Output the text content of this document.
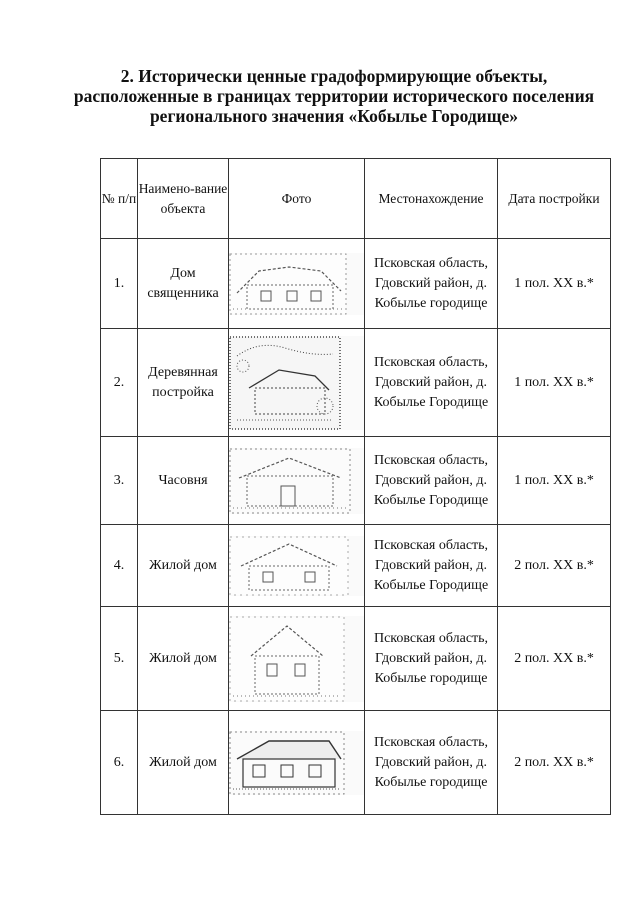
2. Исторически ценные градоформирующие объекты,
расположенные в границах территории исторического поселения
регионального значения «Кобылье Городище»
№ п/п	Наимено-вание объекта	Фото	Местонахождение	Дата постройки
1.	Дом священника		Псковская область, Гдовский район, д. Кобылье городище	1 пол. XX в.*
2.	Деревянная постройка		Псковская область, Гдовский район, д. Кобылье Городище	1 пол. XX в.*
3.	Часовня		Псковская область, Гдовский район, д. Кобылье Городище	1 пол. XX в.*
4.	Жилой дом		Псковская область, Гдовский район, д. Кобылье Городище	2 пол. XX в.*
5.	Жилой дом		Псковская область, Гдовский район, д. Кобылье городище	2 пол. XX в.*
6.	Жилой дом		Псковская область, Гдовский район, д. Кобылье городище	2 пол. XX в.*
